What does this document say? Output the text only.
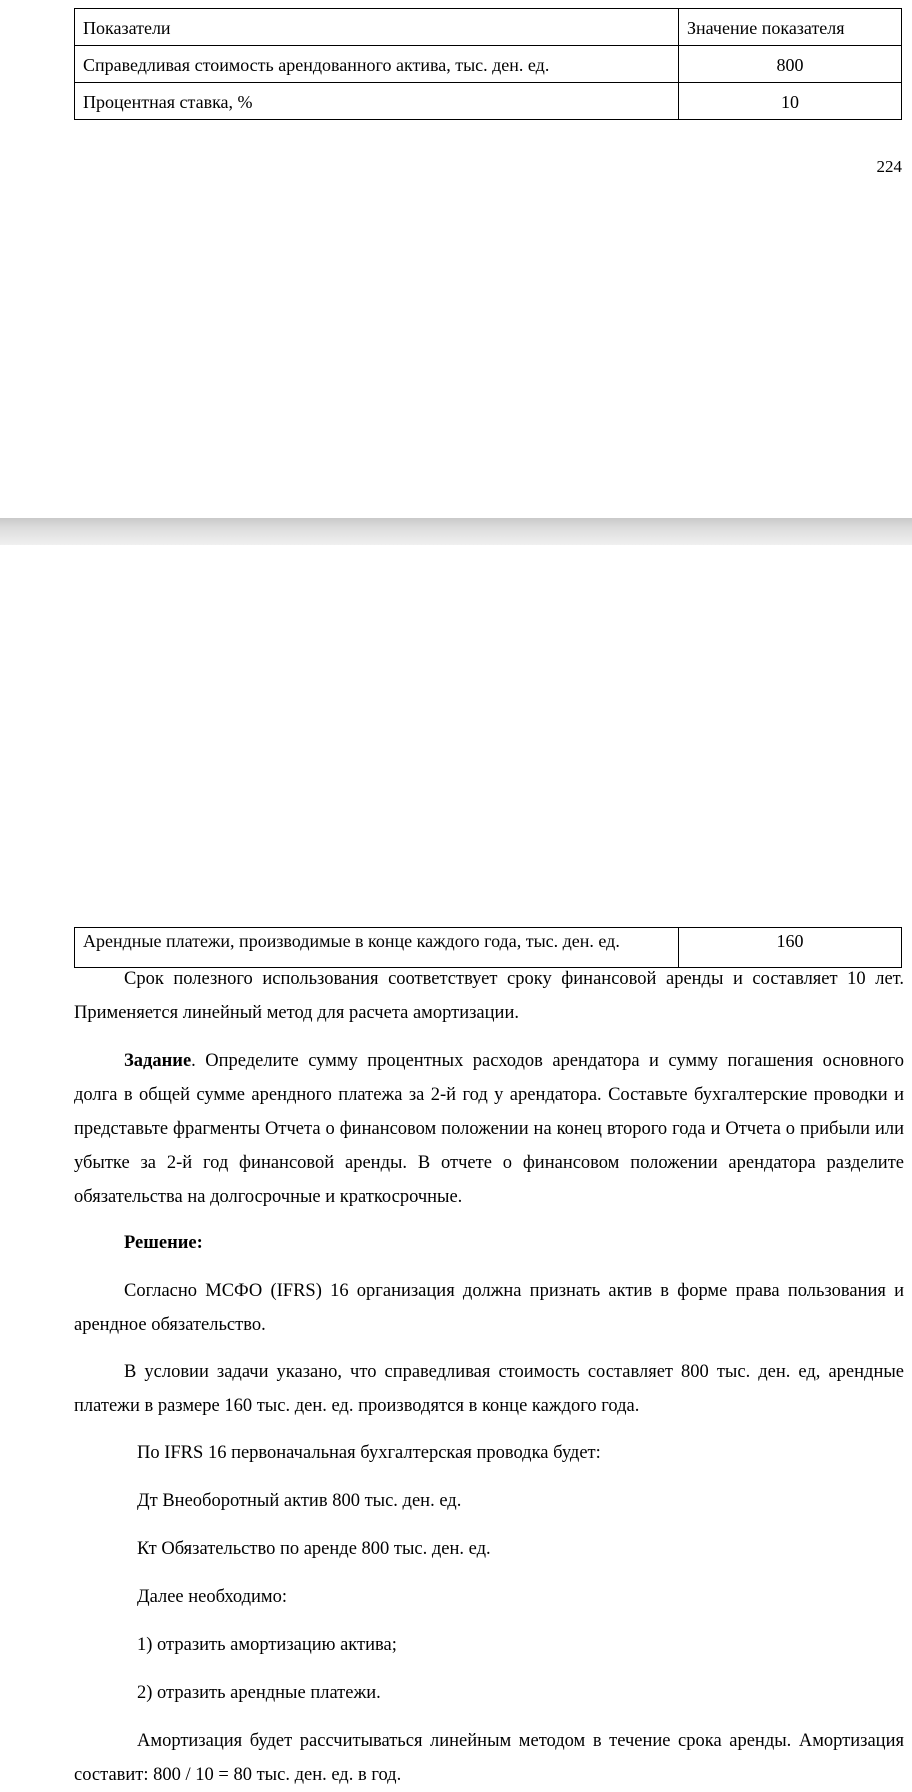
Показатели	Значение показателя
Справедливая стоимость арендованного актива, тыс. ден. ед.	800
Процентная ставка, %	10
224
Арендные платежи, производимые в конце каждого года, тыс. ден. ед.	160

Срок полезного использования соответствует сроку финансовой аренды и составляет 10 лет. Применяется линейный метод для расчета амортизации.

Задание. Определите сумму процентных расходов арендатора и сумму погашения основного долга в общей сумме арендного платежа за 2-й год у арендатора. Составьте бухгалтерские проводки и представьте фрагменты Отчета о финансовом положении на конец второго года и Отчета о прибыли или убытке за 2-й год финансовой аренды. В отчете о финансовом положении арендатора разделите обязательства на долгосрочные и краткосрочные.

Решение:

Согласно МСФО (IFRS) 16 организация должна признать актив в форме права пользования и арендное обязательство.

В условии задачи указано, что справедливая стоимость составляет 800 тыс. ден. ед, арендные платежи в размере 160 тыс. ден. ед. производятся в конце каждого года.

По IFRS 16 первоначальная бухгалтерская проводка будет:

Дт Внеоборотный актив 800 тыс. ден. ед.

Кт Обязательство по аренде 800 тыс. ден. ед.

Далее необходимо:

1) отразить амортизацию актива;

2) отразить арендные платежи.

Амортизация будет рассчитываться линейным методом в течение срока аренды. Амортизация составит: 800 / 10 = 80 тыс. ден. ед. в год.
